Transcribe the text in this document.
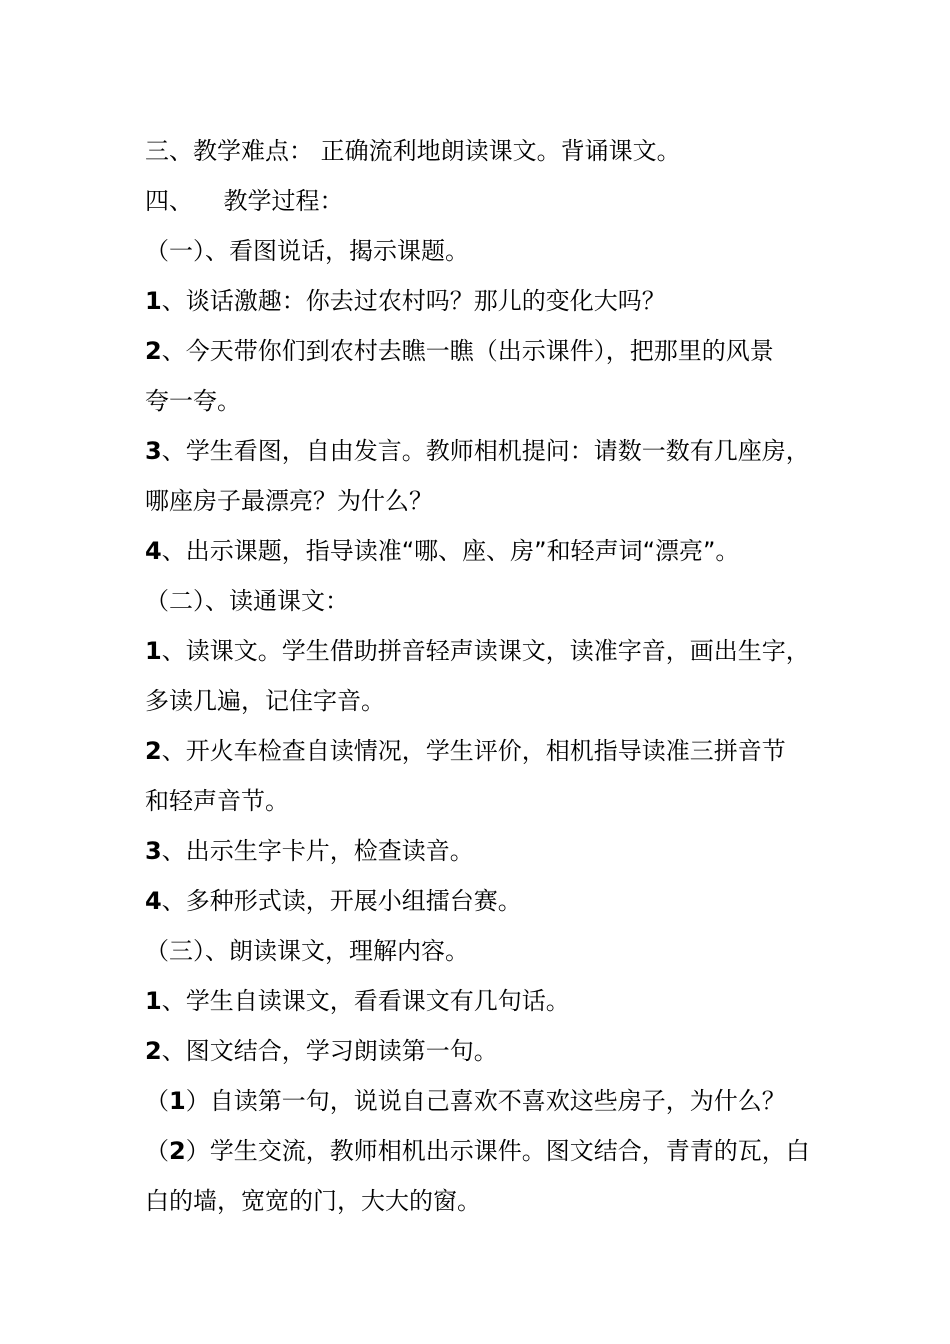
三、教学难点： 正确流利地朗读课文。背诵课文。
四、    教学过程：
（一）、看图说话，揭示课题。
1、谈话激趣：你去过农村吗？那儿的变化大吗？
2、今天带你们到农村去瞧一瞧（出示课件），把那里的风景
夸一夸。
3、学生看图，自由发言。教师相机提问：请数一数有几座房，
哪座房子最漂亮？为什么？
4、出示课题，指导读准“哪、座、房”和轻声词“漂亮”。
（二）、读通课文：
1、读课文。学生借助拼音轻声读课文，读准字音，画出生字，
多读几遍，记住字音。
2、开火车检查自读情况，学生评价，相机指导读准三拼音节
和轻声音节。
3、出示生字卡片，检查读音。
4、多种形式读，开展小组擂台赛。
（三）、朗读课文，理解内容。
1、学生自读课文，看看课文有几句话。
2、图文结合，学习朗读第一句。
（1）自读第一句，说说自己喜欢不喜欢这些房子，为什么？
（2）学生交流，教师相机出示课件。图文结合，青青的瓦，白
白的墙，宽宽的门，大大的窗。
